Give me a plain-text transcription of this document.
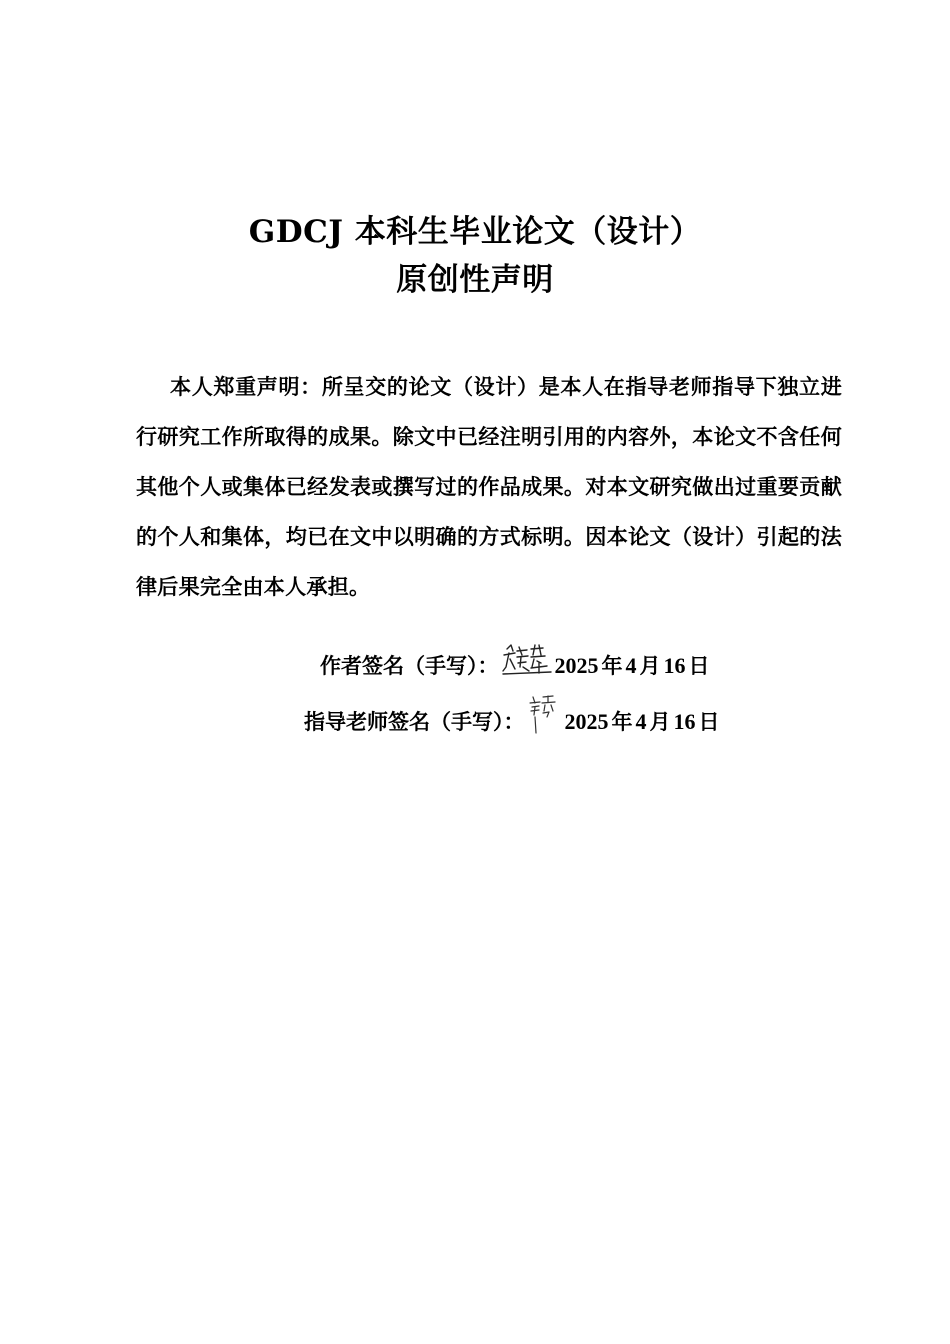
GDCJ 本科生毕业论文（设计）
原创性声明
本人郑重声明：所呈交的论文（设计）是本人在指导老师指导下独立进行研究工作所取得的成果。除文中已经注明引用的内容外，本论文不含任何其他个人或集体已经发表或撰写过的作品成果。对本文研究做出过重要贡献的个人和集体，均已在文中以明确的方式标明。因本论文（设计）引起的法律后果完全由本人承担。
作者签名（手写）：	2025 年 4 月 16 日
指导老师签名（手写）： 2025 年 4 月 16 日
